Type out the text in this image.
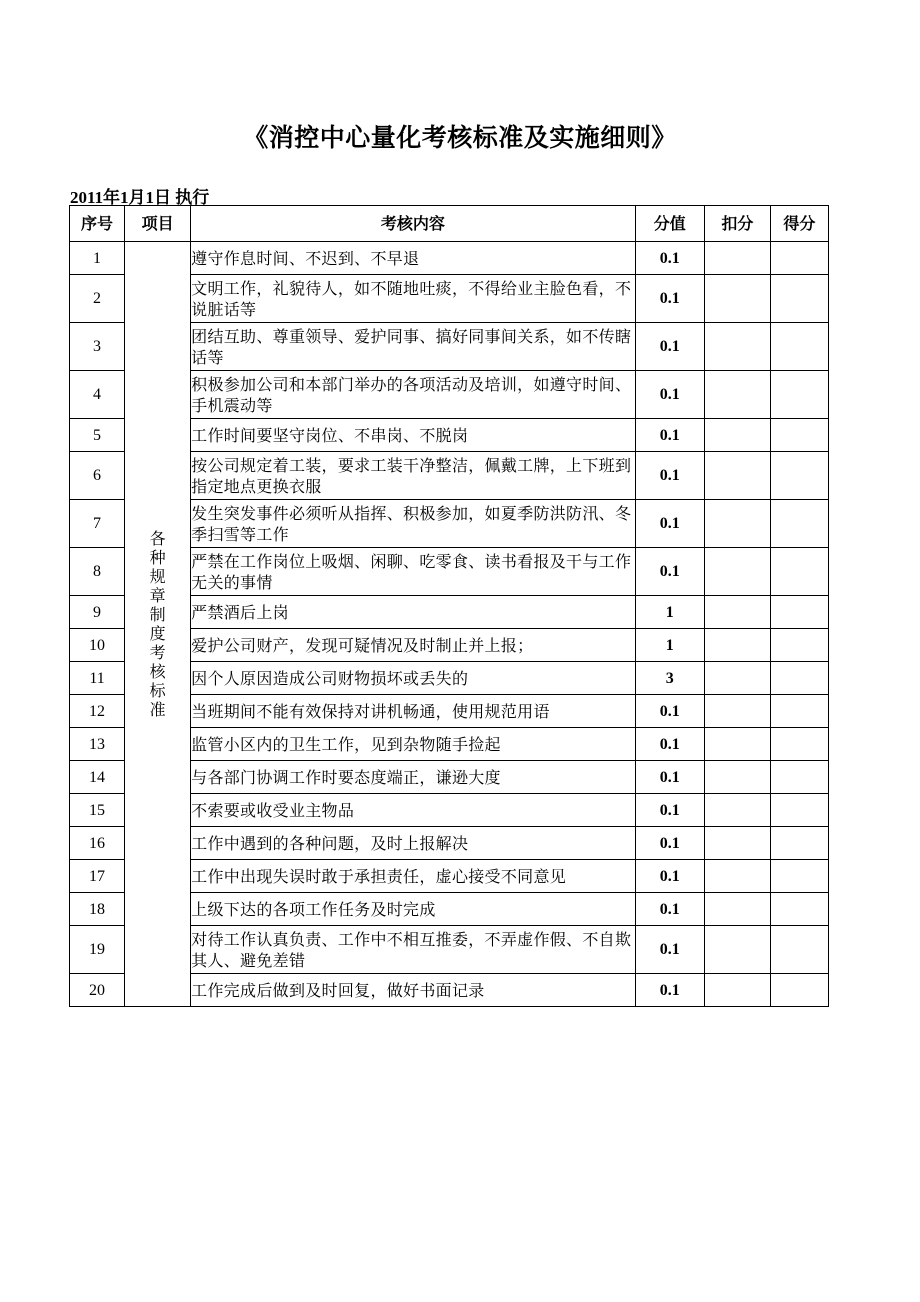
《消控中心量化考核标准及实施细则》
2011年1月1日 执行
序号	项目	考核内容	分值	扣分	得分
1	各种规章制度考核标准	遵守作息时间、不迟到、不早退	0.1		
2		文明工作，礼貌待人，如不随地吐痰，不得给业主脸色看，不说脏话等	0.1		
3		团结互助、尊重领导、爱护同事、搞好同事间关系，如不传瞎话等	0.1		
4		积极参加公司和本部门举办的各项活动及培训，如遵守时间、手机震动等	0.1		
5		工作时间要坚守岗位、不串岗、不脱岗	0.1		
6		按公司规定着工装，要求工装干净整洁，佩戴工牌，上下班到指定地点更换衣服	0.1		
7		发生突发事件必须听从指挥、积极参加，如夏季防洪防汛、冬季扫雪等工作	0.1		
8		严禁在工作岗位上吸烟、闲聊、吃零食、读书看报及干与工作无关的事情	0.1		
9		严禁酒后上岗	1		
10		爱护公司财产，发现可疑情况及时制止并上报；	1		
11		因个人原因造成公司财物损坏或丢失的	3		
12		当班期间不能有效保持对讲机畅通，使用规范用语	0.1		
13		监管小区内的卫生工作，见到杂物随手捡起	0.1		
14		与各部门协调工作时要态度端正，谦逊大度	0.1		
15		不索要或收受业主物品	0.1		
16		工作中遇到的各种问题，及时上报解决	0.1		
17		工作中出现失误时敢于承担责任，虚心接受不同意见	0.1		
18		上级下达的各项工作任务及时完成	0.1		
19		对待工作认真负责、工作中不相互推委，不弄虚作假、不自欺其人、避免差错	0.1		
20		工作完成后做到及时回复，做好书面记录	0.1		
